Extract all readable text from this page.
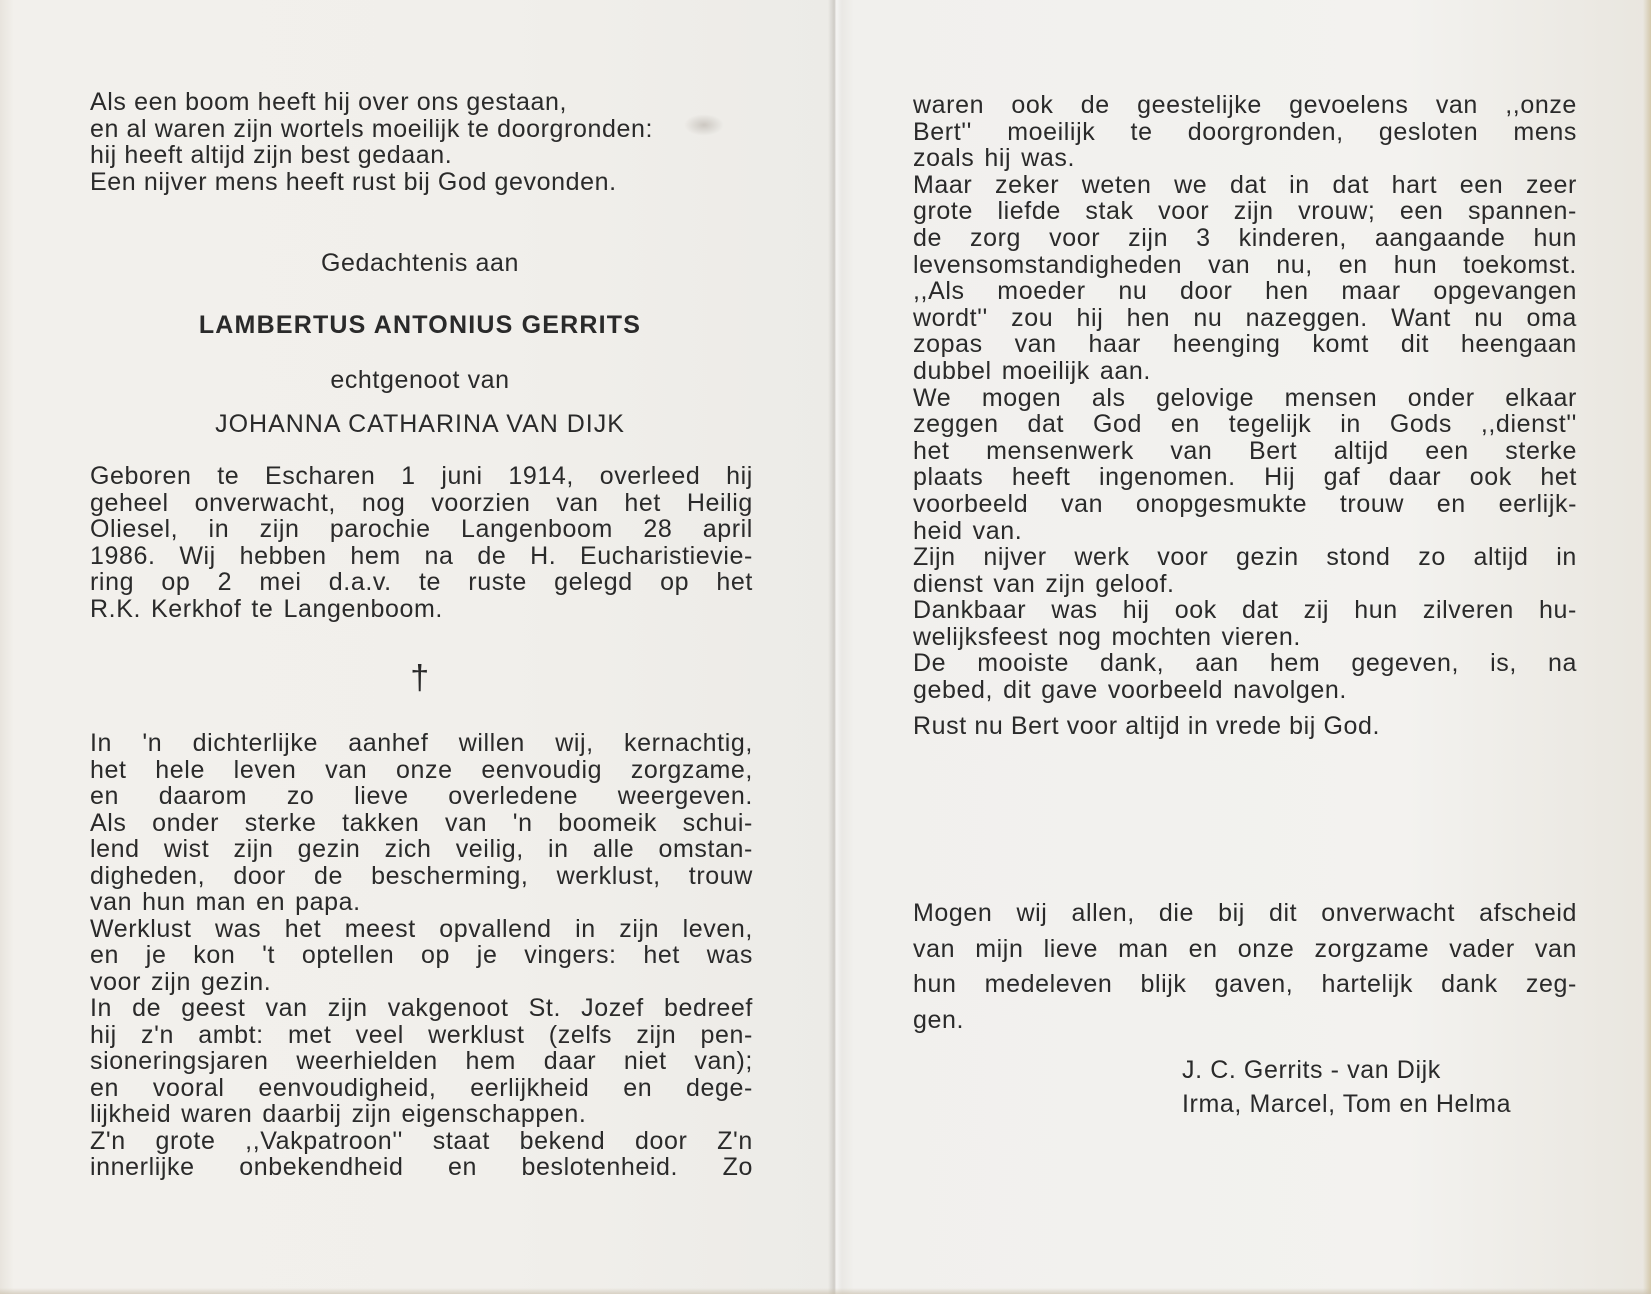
Als een boom heeft hij over ons gestaan,
en al waren zijn wortels moeilijk te doorgronden:
hij heeft altijd zijn best gedaan.
Een nijver mens heeft rust bij God gevonden.
Gedachtenis aan
LAMBERTUS ANTONIUS GERRITS
echtgenoot van
JOHANNA CATHARINA VAN DIJK
Geboren te Escharen 1 juni 1914, overleed hij
geheel onverwacht, nog voorzien van het Heilig
Oliesel, in zijn parochie Langenboom 28 april
1986. Wij hebben hem na de H. Eucharistievie-
ring op 2 mei d.a.v. te ruste gelegd op het
R.K. Kerkhof te Langenboom.
†
In 'n dichterlijke aanhef willen wij, kernachtig,
het hele leven van onze eenvoudig zorgzame,
en daarom zo lieve overledene weergeven.
Als onder sterke takken van 'n boomeik schui-
lend wist zijn gezin zich veilig, in alle omstan-
digheden, door de bescherming, werklust, trouw
van hun man en papa.
Werklust was het meest opvallend in zijn leven,
en je kon 't optellen op je vingers: het was
voor zijn gezin.
In de geest van zijn vakgenoot St. Jozef bedreef
hij z'n ambt: met veel werklust (zelfs zijn pen-
sioneringsjaren weerhielden hem daar niet van);
en vooral eenvoudigheid, eerlijkheid en dege-
lijkheid waren daarbij zijn eigenschappen.
Z'n grote ,,Vakpatroon'' staat bekend door Z'n
innerlijke onbekendheid en beslotenheid. Zo
waren ook de geestelijke gevoelens van ,,onze
Bert'' moeilijk te doorgronden, gesloten mens
zoals hij was.
Maar zeker weten we dat in dat hart een zeer
grote liefde stak voor zijn vrouw; een spannen-
de zorg voor zijn 3 kinderen, aangaande hun
levensomstandigheden van nu, en hun toekomst.
,,Als moeder nu door hen maar opgevangen
wordt'' zou hij hen nu nazeggen. Want nu oma
zopas van haar heenging komt dit heengaan
dubbel moeilijk aan.
We mogen als gelovige mensen onder elkaar
zeggen dat God en tegelijk in Gods ,,dienst''
het mensenwerk van Bert altijd een sterke
plaats heeft ingenomen. Hij gaf daar ook het
voorbeeld van onopgesmukte trouw en eerlijk-
heid van.
Zijn nijver werk voor gezin stond zo altijd in
dienst van zijn geloof.
Dankbaar was hij ook dat zij hun zilveren hu-
welijksfeest nog mochten vieren.
De mooiste dank, aan hem gegeven, is, na
gebed, dit gave voorbeeld navolgen.
Rust nu Bert voor altijd in vrede bij God.
Mogen wij allen, die bij dit onverwacht afscheid
van mijn lieve man en onze zorgzame vader van
hun medeleven blijk gaven, hartelijk dank zeg-
gen.
J. C. Gerrits - van Dijk
Irma, Marcel, Tom en Helma
